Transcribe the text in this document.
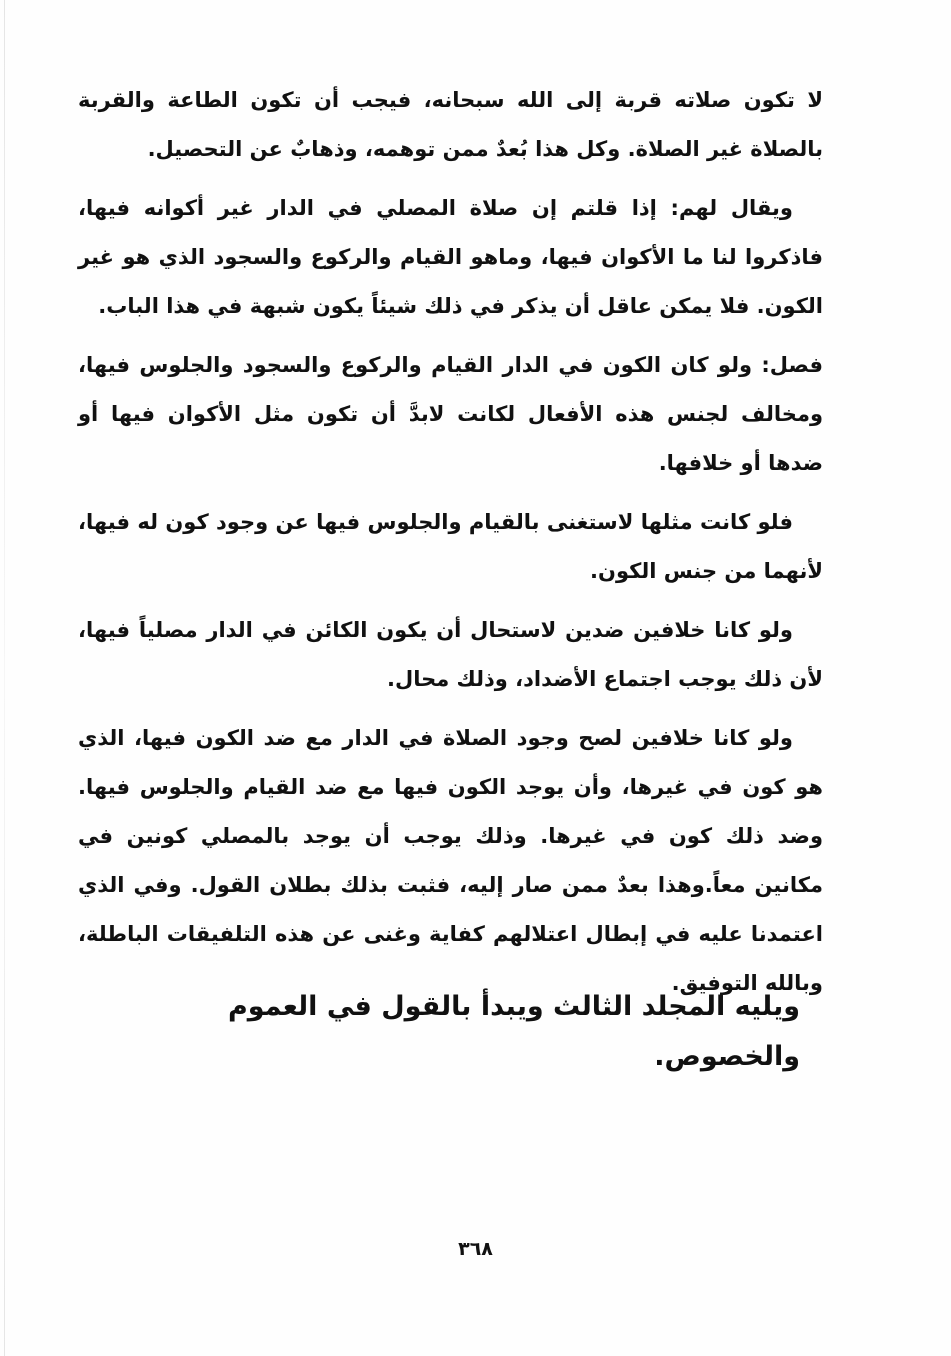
لا تكون صلاته قربة إلى الله سبحانه، فيجب أن تكون الطاعة والقربة بالصلاة غير الصلاة. وكل هذا بُعدٌ ممن توهمه، وذهابٌ عن التحصيل.

ويقال لهم: إذا قلتم إن صلاة المصلي في الدار غير أكوانه فيها، فاذكروا لنا ما الأكوان فيها، وماهو القيام والركوع والسجود الذي هو غير الكون. فلا يمكن عاقل أن يذكر في ذلك شيئاً يكون شبهة في هذا الباب.

فصل: ولو كان الكون في الدار القيام والركوع والسجود والجلوس فيها، ومخالف لجنس هذه الأفعال لكانت لابدَّ أن تكون مثل الأكوان فيها أو ضدها أو خلافها.

فلو كانت مثلها لاستغنى بالقيام والجلوس فيها عن وجود كون له فيها، لأنهما من جنس الكون.

ولو كانا خلافين ضدين لاستحال أن يكون الكائن في الدار مصلياً فيها، لأن ذلك يوجب اجتماع الأضداد، وذلك محال.

ولو كانا خلافين لصح وجود الصلاة في الدار مع ضد الكون فيها، الذي هو كون في غيرها، وأن يوجد الكون فيها مع ضد القيام والجلوس فيها. وضد ذلك كون في غيرها. وذلك يوجب أن يوجد بالمصلي كونين في مكانين معاً.وهذا بعدٌ ممن صار إليه، فثبت بذلك بطلان القول. وفي الذي اعتمدنا عليه في إبطال اعتلالهم كفاية وغنى عن هذه التلفيقات الباطلة، وبالله التوفيق.

ويليه المجلد الثالث ويبدأ بالقول في العموم والخصوص.
٣٦٨
